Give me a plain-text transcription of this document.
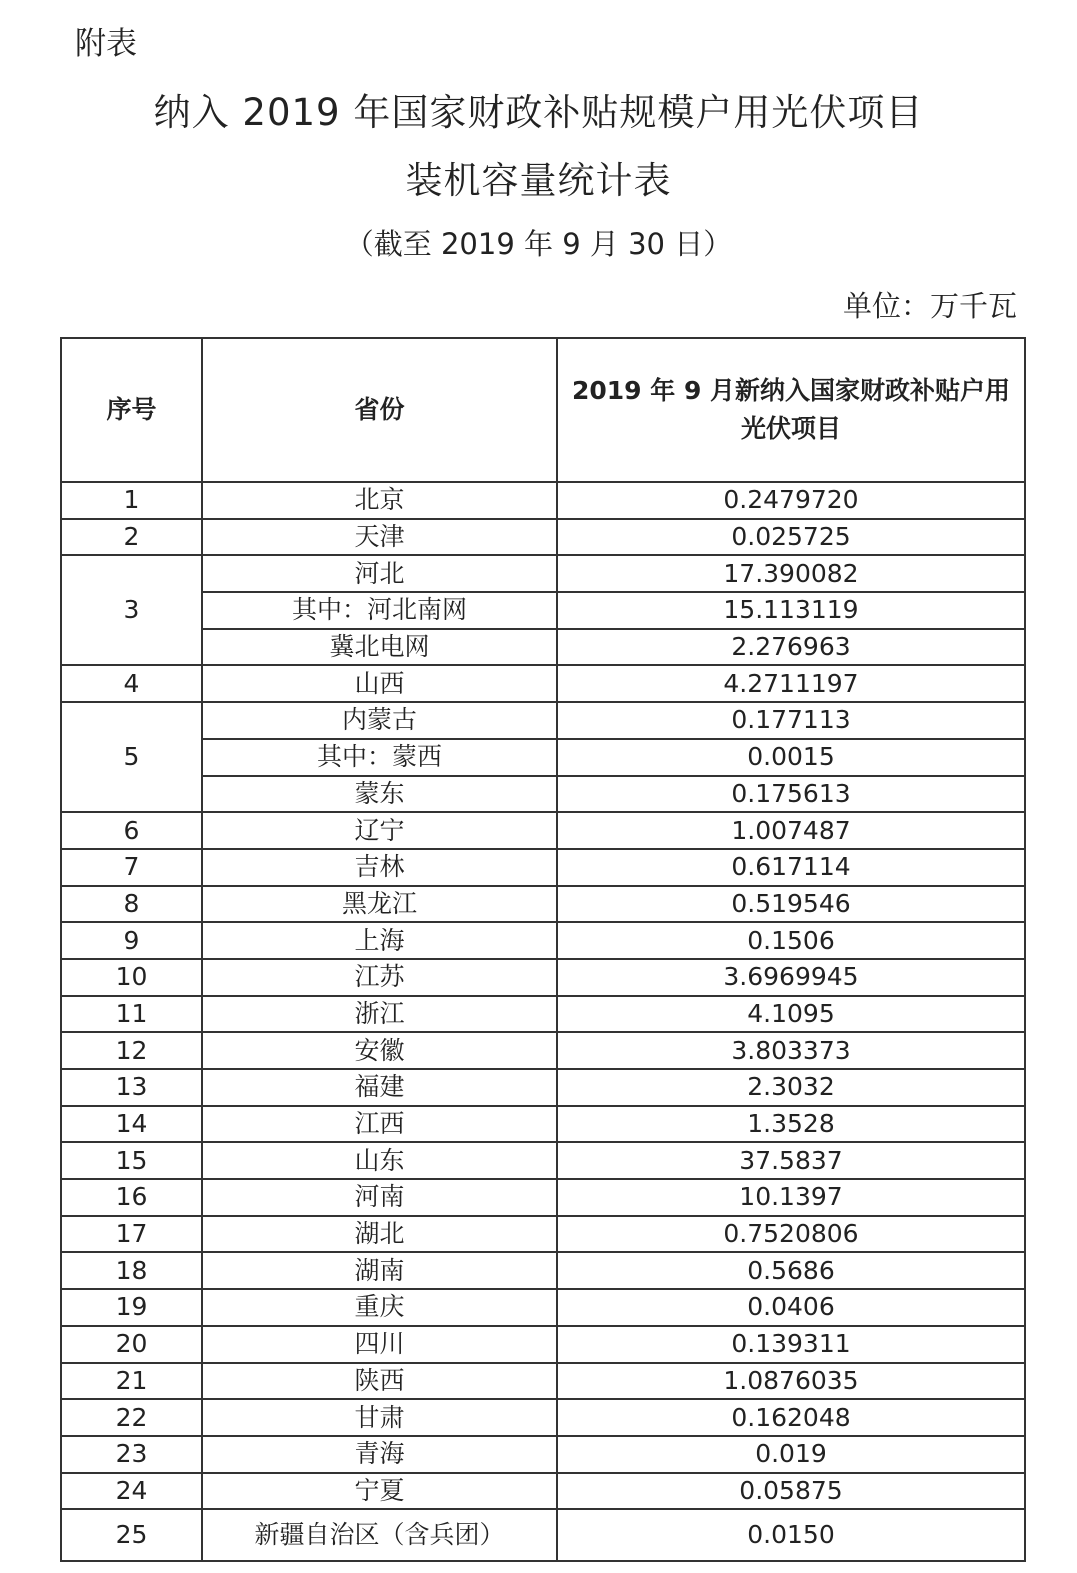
附表
纳入 2019 年国家财政补贴规模户用光伏项目
装机容量统计表
（截至 2019 年 9 月 30 日）
单位：万千瓦
序号	省份	2019 年 9 月新纳入国家财政补贴户用光伏项目
1	北京	0.2479720
2	天津	0.025725
3	河北	17.390082
	其中：河北南网	15.113119
	冀北电网	2.276963
4	山西	4.2711197
5	内蒙古	0.177113
	其中：蒙西	0.0015
	蒙东	0.175613
6	辽宁	1.007487
7	吉林	0.617114
8	黑龙江	0.519546
9	上海	0.1506
10	江苏	3.6969945
11	浙江	4.1095
12	安徽	3.803373
13	福建	2.3032
14	江西	1.3528
15	山东	37.5837
16	河南	10.1397
17	湖北	0.7520806
18	湖南	0.5686
19	重庆	0.0406
20	四川	0.139311
21	陕西	1.0876035
22	甘肃	0.162048
23	青海	0.019
24	宁夏	0.05875
25	新疆自治区（含兵团）	0.0150
